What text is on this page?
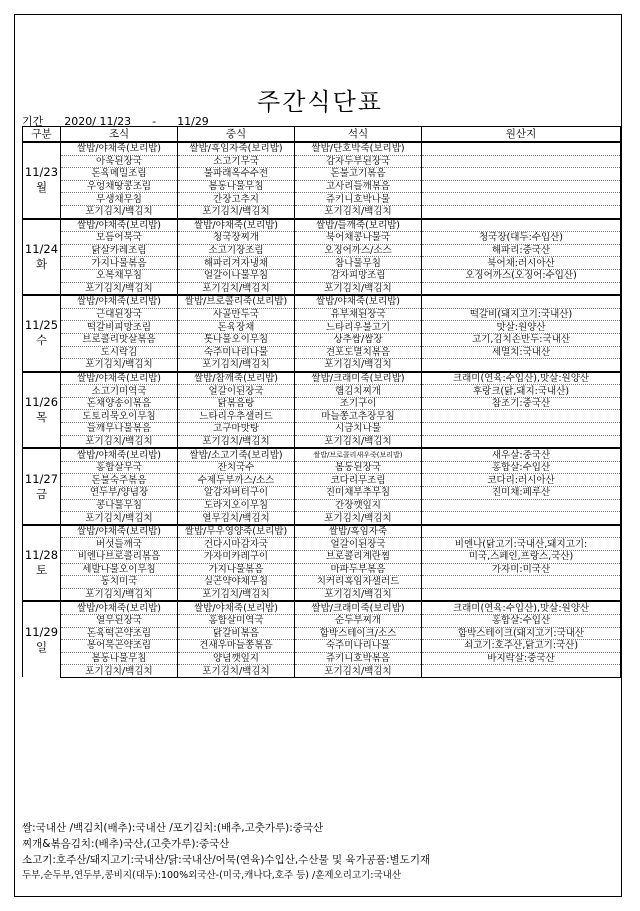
주간식단표
기간 2020/ 11/23 - 11/29
구분	조식	중식	석식	원산지

11/23
월	쌀밥/야채죽(보리밥)	쌀밥/흑임자죽(보리밥)	쌀밥/단호박죽(보리밥)	
	아욱된장국	소고기무국	감자두부된장국	
	돈육메밀조림	불파래옥수수전	돈불고기볶음	
	우엉채땅콩조림	봄동나물무침	고사리들깨볶음	
	무생채무침	간장고추지	쥬키니호박나물	
	포기김치/백김치	포기김치/백김치	포기김치/백김치	

11/24
화	쌀밥/야채죽(보리밥)	쌀밥/야채죽(보리밥)	쌀밥/들깨죽(보리밥)	
	모듬어묵국	청국장찌개	북어채콩나물국	청국장(대두:수입산)
	닭살카레조림	소고기장조림	오징어까스/소스	해파리:중국산
	가지나물볶음	해파리겨자냉채	참나물무침	북어채:러시아산
	오복채무침	얼갈이나물무침	감자피망조림	오징어까스(오징어:수입산)
	포기김치/백김치	포기김치/백김치	포기김치/백김치	

11/25
수	쌀밥/야채죽(보리밥)	쌀밥/브로콜리죽(보리밥)	쌀밥/야채죽(보리밥)	
	근대된장국	사골만두국	유부채된장국	떡갈비(돼지고기:국내산)
	떡갈비피망조림	돈육장채	느타리우불고기	맛살:원양산
	브로콜리맛살볶음	톳나물오이무침	상추쌈/쌈장	고기,김치손만두:국내산
	도시락김	숙주미나리나물	견포도멸치볶음	세멸치:국내산
	포기김치/백김치	포기김치/백김치	포기김치/백김치	

11/26
목	쌀밥/야채죽(보리밥)	쌀밥/참깨죽(보리밥)	쌀밥/크래미죽(보리밥)	크래미(연육:수입산),맛살:원양산
	소고기미역국	얼갈이된장국	햄김치찌개	후랑크(닭,돼지:국내산)
	돈채양송이볶음	닭볶음탕	조기구이	참조기:중국산
	도토리묵오이무침	느타리우추샐러드	마늘쫑고추장무침	
	들깨무나물볶음	고구마맛탕	시금치나물	
	포기김치/백김치	포기김치/백김치	포기김치/백김치	

11/27
금	쌀밥/야채죽(보리밥)	쌀밥/소고기죽(보리밥)	쌀밥/브로콜리새우죽(보리밥)	새우살:중국산
	홍합살무국	잔치국수	봄동된장국	홍합살:수입산
	돈불숙주볶음	수제두부까스/소스	코다리무조림	코다리:러시아산
	연두부/양념장	알감자버터구이	진미채부추무침	진미채:페루산
	콩나물무침	도라지오이무침	간장깻잎지	
	포기김치/백김치	열무김치/백김치	포기김치/백김치	

11/28
토	쌀밥/야채죽(보리밥)	쌀밥/무우영양죽(보리밥)	쌀밥/흑임자죽	
	버섯들깨국	건다시마감자국	얼갈이된장국	비엔나(닭고기:국내산,돼지고기:
	비엔나브로콜리볶음	가자미카레구이	브로콜리계란찜	미국,스페인,프랑스,국산)
	세발나물오이무침	가지나물볶음	마파두부볶음	가자미:미국산
	동치미국	실곤약야채무침	치커리흑임자샐러드	
	포기김치/백김치	포기김치/백김치	포기김치/백김치	

11/29
일	쌀밥/야채죽(보리밥)	쌀밥/야채죽(보리밥)	쌀밥/크래미죽(보리밥)	크래미(연육:수입산),맛살:원양산
	열무된장국	홍합살미역국	순두부찌개	홍합살:수입산
	돈육떡곤약조림	닭갈비볶음	함박스테이크/소스	함박스테이크(돼지고기:국내산
	봉어묵곤약조림	건새우마늘쫑볶음	숙주미나리나물	쇠고기:호주산,닭고기:국산)
	봄동나물무침	양념깻잎지	쥬키니호박볶음	바지락살:중국산
	포기김치/백김치	포기김치/백김치	포기김치/백김치	
쌀:국내산 /백김치(배추):국내산 /포기김치:(배추,고춧가루):중국산
찌개&볶음김치:(배추)국산,(고춧가루):중국산
소고기:호주산/돼지고기:국내산/닭:국내산/어묵(연육)수입산,수산물 및 육가공품:별도기재
두부,순두부,연두부,콩비지(대두):100%외국산-(미국,캐나다,호주 등) /훈제오리고기:국내산
